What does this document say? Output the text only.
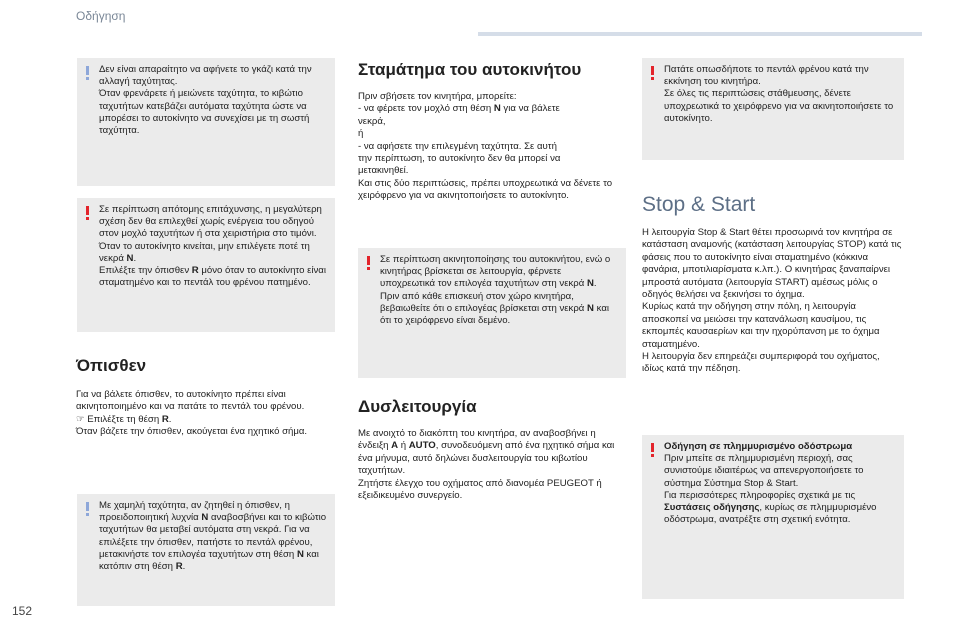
Οδήγηση

Δεν είναι απαραίτητο να αφήνετε το γκάζι κατά την αλλαγή ταχύτητας.
Όταν φρενάρετε ή μειώνετε ταχύτητα, το κιβώτιο ταχυτήτων κατεβάζει αυτόματα ταχύτητα ώστε να μπορέσει το αυτοκίνητο να συνεχίσει με τη σωστή ταχύτητα.

Σε περίπτωση απότομης επιτάχυνσης, η μεγαλύτερη σχέση δεν θα επιλεχθεί χωρίς ενέργεια του οδηγού στον μοχλό ταχυτήτων ή στα χειριστήρια στο τιμόνι.
Όταν το αυτοκίνητο κινείται, μην επιλέγετε ποτέ τη νεκρά N.
Επιλέξτε την όπισθεν R μόνο όταν το αυτοκίνητο είναι σταματημένο και το πεντάλ του φρένου πατημένο.

Όπισθεν
Για να βάλετε όπισθεν, το αυτοκίνητο πρέπει είναι ακινητοποιημένο και να πατάτε το πεντάλ του φρένου.
☞ Επιλέξτε τη θέση R.
Όταν βάζετε την όπισθεν, ακούγεται ένα ηχητικό σήμα.

Με χαμηλή ταχύτητα, αν ζητηθεί η όπισθεν, η προειδοποιητική λυχνία N αναβοσβήνει και το κιβώτιο ταχυτήτων θα μεταβεί αυτόματα στη νεκρά. Για να επιλέξετε την όπισθεν, πατήστε το πεντάλ φρένου, μετακινήστε τον επιλογέα ταχυτήτων στη θέση N και κατόπιν στη θέση R.

Σταμάτημα του αυτοκινήτου
Πριν σβήσετε τον κινητήρα, μπορείτε:
- να φέρετε τον μοχλό στη θέση N για να βάλετε
νεκρά,
ή
- να αφήσετε την επιλεγμένη ταχύτητα. Σε αυτή
την περίπτωση, το αυτοκίνητο δεν θα μπορεί να
μετακινηθεί.
Και στις δύο περιπτώσεις, πρέπει υποχρεωτικά να δένετε το χειρόφρενο για να ακινητοποιήσετε το αυτοκίνητο.

Σε περίπτωση ακινητοποίησης του αυτοκινήτου, ενώ ο κινητήρας βρίσκεται σε λειτουργία, φέρνετε υποχρεωτικά τον επιλογέα ταχυτήτων στη νεκρά N.
Πριν από κάθε επισκευή στον χώρο κινητήρα, βεβαιωθείτε ότι ο επιλογέας βρίσκεται στη νεκρά N και ότι το χειρόφρενο είναι δεμένο.

Δυσλειτουργία
Με ανοιχτό το διακόπτη του κινητήρα, αν αναβοσβήνει η ένδειξη A ή AUTO, συνοδευόμενη από ένα ηχητικό σήμα και ένα μήνυμα, αυτό δηλώνει δυσλειτουργία του κιβωτίου ταχυτήτων.
Ζητήστε έλεγχο του οχήματος από διανομέα PEUGEOT ή εξειδικευμένο συνεργείο.

Πατάτε οπωσδήποτε το πεντάλ φρένου κατά την εκκίνηση του κινητήρα.
Σε όλες τις περιπτώσεις στάθμευσης, δένετε υποχρεωτικά το χειρόφρενο για να ακινητοποιήσετε το αυτοκίνητο.

Stop & Start
Η λειτουργία Stop & Start θέτει προσωρινά τον κινητήρα σε κατάσταση αναμονής (κατάσταση λειτουργίας STOP) κατά τις φάσεις που το αυτοκίνητο είναι σταματημένο (κόκκινα φανάρια, μποτιλιαρίσματα κ.λπ.). Ο κινητήρας ξαναπαίρνει μπροστά αυτόματα (λειτουργία START) αμέσως μόλις ο οδηγός θελήσει να ξεκινήσει το όχημα.
Κυρίως κατά την οδήγηση στην πόλη, η λειτουργία αποσκοπεί να μειώσει την κατανάλωση καυσίμου, τις εκπομπές καυσαερίων και την ηχορύπανση με το όχημα σταματημένο.
Η λειτουργία δεν επηρεάζει συμπεριφορά του οχήματος, ιδίως κατά την πέδηση.

Οδήγηση σε πλημμυρισμένο οδόστρωμα

Πριν μπείτε σε πλημμυρισμένη περιοχή, σας συνιστούμε ιδιαιτέρως να απενεργοποιήσετε το σύστημα Σύστημα Stop & Start.
Για περισσότερες πληροφορίες σχετικά με τις Συστάσεις οδήγησης, κυρίως σε πλημμυρισμένο οδόστρωμα, ανατρέξτε στη σχετική ενότητα.

152
